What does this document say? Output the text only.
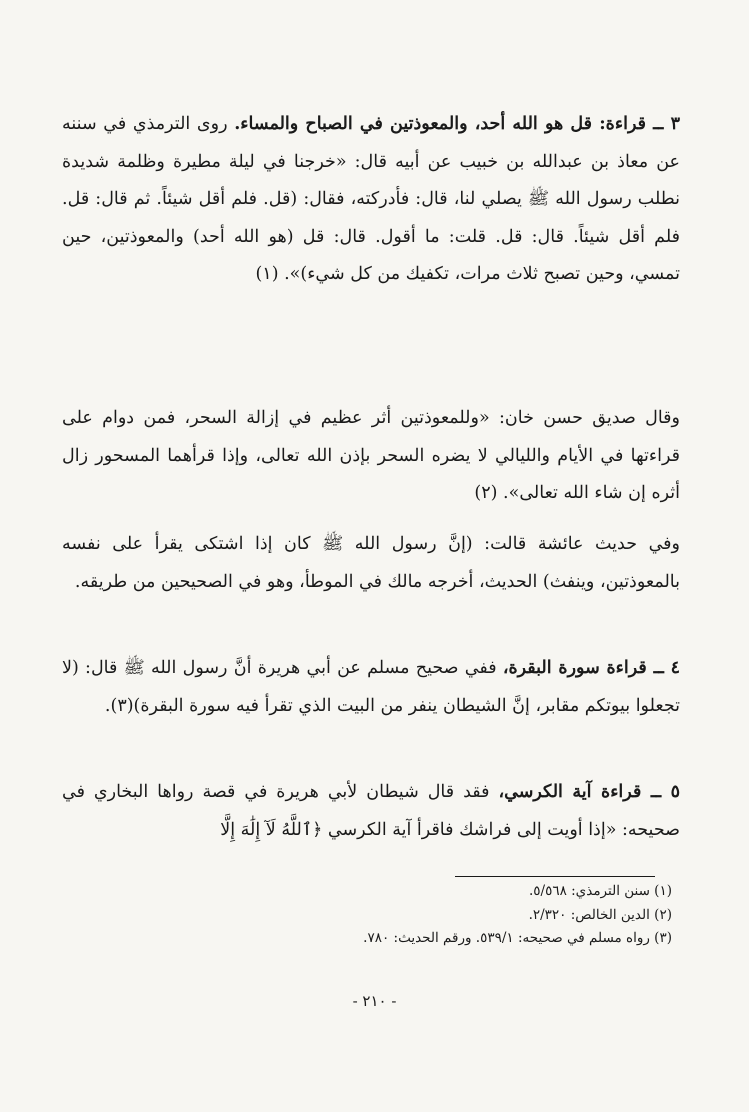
٣ ــ قراءة: قل هو الله أحد، والمعوذتين في الصباح والمساء. روى الترمذي في سننه عن معاذ بن عبدالله بن خبيب عن أبيه قال: «خرجنا في ليلة مطيرة وظلمة شديدة نطلب رسول الله ﷺ يصلي لنا، قال: فأدركته، فقال: (قل. فلم أقل شيئاً. ثم قال: قل. فلم أقل شيئاً. قال: قل. قلت: ما أقول. قال: قل (هو الله أحد) والمعوذتين، حين تمسي، وحين تصبح ثلاث مرات، تكفيك من كل شيء)». (١)

وقال صديق حسن خان: «وللمعوذتين أثر عظيم في إزالة السحر، فمن دوام على قراءتها في الأيام والليالي لا يضره السحر بإذن الله تعالى، وإذا قرأهما المسحور زال أثره إن شاء الله تعالى». (٢)

وفي حديث عائشة قالت: (إنَّ رسول الله ﷺ كان إذا اشتكى يقرأ على نفسه بالمعوذتين، وينفث) الحديث، أخرجه مالك في الموطأ، وهو في الصحيحين من طريقه.

٤ ــ قراءة سورة البقرة، ففي صحيح مسلم عن أبي هريرة أنَّ رسول الله ﷺ قال: (لا تجعلوا بيوتكم مقابر، إنَّ الشيطان ينفر من البيت الذي تقرأ فيه سورة البقرة)(٣).

٥ ــ قراءة آية الكرسي، فقد قال شيطان لأبي هريرة في قصة رواها البخاري في صحيحه: «إذا أويت إلى فراشك فاقرأ آية الكرسي ﴿ٱللَّهُ لَآ إِلَٰهَ إِلَّا

(١) سنن الترمذي: ٥/٥٦٨.

(٢) الدين الخالص: ٢/٣٢٠.

(٣) رواه مسلم في صحيحه: ٥٣٩/١. ورقم الحديث: ٧٨٠.

- ٢١٠ -
